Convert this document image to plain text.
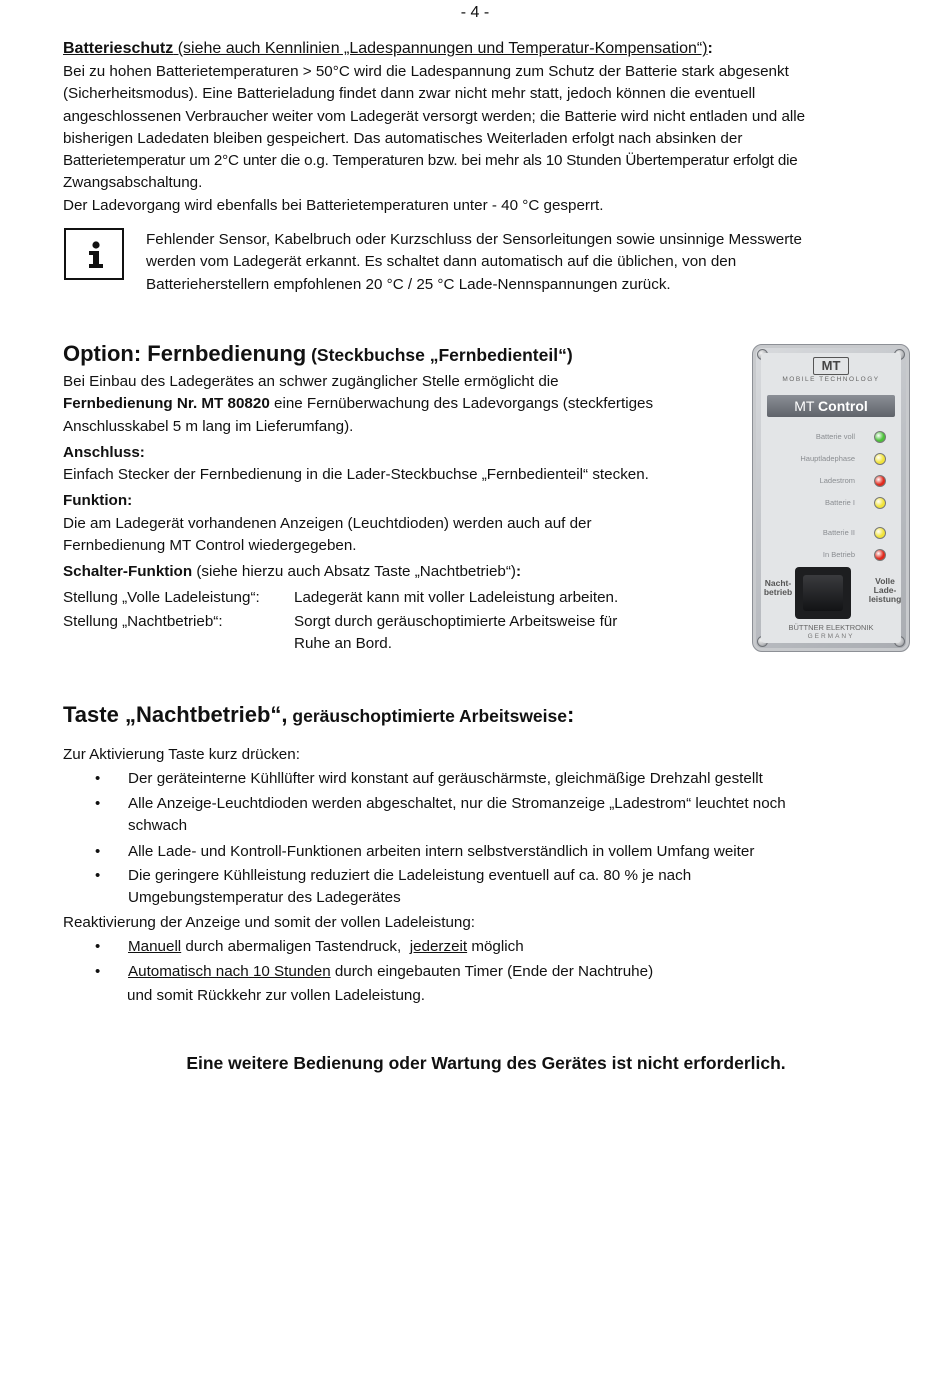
- 4 -
Batterieschutz (siehe auch Kennlinien „Ladespannungen und Temperatur-Kompensation“):
Bei zu hohen Batterietemperaturen > 50°C wird die Ladespannung zum Schutz der Batterie stark abgesenkt
(Sicherheitsmodus). Eine Batterieladung findet dann zwar nicht mehr statt, jedoch können die eventuell
angeschlossenen Verbraucher weiter vom Ladegerät versorgt werden; die Batterie wird nicht entladen und alle
bisherigen Ladedaten bleiben gespeichert. Das automatisches Weiterladen erfolgt nach absinken der
Batterietemperatur um 2°C unter die o.g. Temperaturen bzw. bei mehr als 10 Stunden Übertemperatur erfolgt die
Zwangsabschaltung.
Der Ladevorgang wird ebenfalls bei Batterietemperaturen unter - 40 °C gesperrt.
Fehlender Sensor, Kabelbruch oder Kurzschluss der Sensorleitungen sowie unsinnige Messwerte
werden vom Ladegerät erkannt. Es schaltet dann automatisch auf die üblichen, von den
Batterieherstellern empfohlenen 20 °C / 25 °C Lade-Nennspannungen zurück.
Option: Fernbedienung (Steckbuchse „Fernbedienteil“)
Bei Einbau des Ladegerätes an schwer zugänglicher Stelle ermöglicht die
Fernbedienung Nr. MT 80820 eine Fernüberwachung des Ladevorgangs (steckfertiges
Anschlusskabel 5 m lang im Lieferumfang).
Anschluss:
Einfach Stecker der Fernbedienung in die Lader-Steckbuchse „Fernbedienteil“ stecken.
Funktion:
Die am Ladegerät vorhandenen Anzeigen (Leuchtdioden) werden auch auf der
Fernbedienung MT Control wiedergegeben.
Schalter-Funktion (siehe hierzu auch Absatz Taste „Nachtbetrieb“):
Stellung „Volle Ladeleistung“: Ladegerät kann mit voller Ladeleistung arbeiten.
Stellung „Nachtbetrieb“:	Sorgt durch geräuschoptimierte Arbeitsweise für
Ruhe an Bord.
MT
MOBILE TECHNOLOGY
MT Control
Batterie voll
Hauptladephase
Ladestrom
Batterie I
Batterie II
In Betrieb
Nacht-
betrieb
Volle
Lade-
leistung
BÜTTNER ELEKTRONIK
GERMANY
Taste „Nachtbetrieb“, geräuschoptimierte Arbeitsweise:
Zur Aktivierung Taste kurz drücken:
• Der geräteinterne Kühllüfter wird konstant auf geräuschärmste, gleichmäßige Drehzahl gestellt
• Alle Anzeige-Leuchtdioden werden abgeschaltet, nur die Stromanzeige „Ladestrom“ leuchtet noch
schwach
• Alle Lade- und Kontroll-Funktionen arbeiten intern selbstverständlich in vollem Umfang weiter
• Die geringere Kühlleistung reduziert die Ladeleistung eventuell auf ca. 80 % je nach
Umgebungstemperatur des Ladegerätes
Reaktivierung der Anzeige und somit der vollen Ladeleistung:
• Manuell durch abermaligen Tastendruck,  jederzeit möglich
• Automatisch nach 10 Stunden durch eingebauten Timer (Ende der Nachtruhe)
und somit Rückkehr zur vollen Ladeleistung.
Eine weitere Bedienung oder Wartung des Gerätes ist nicht erforderlich.
